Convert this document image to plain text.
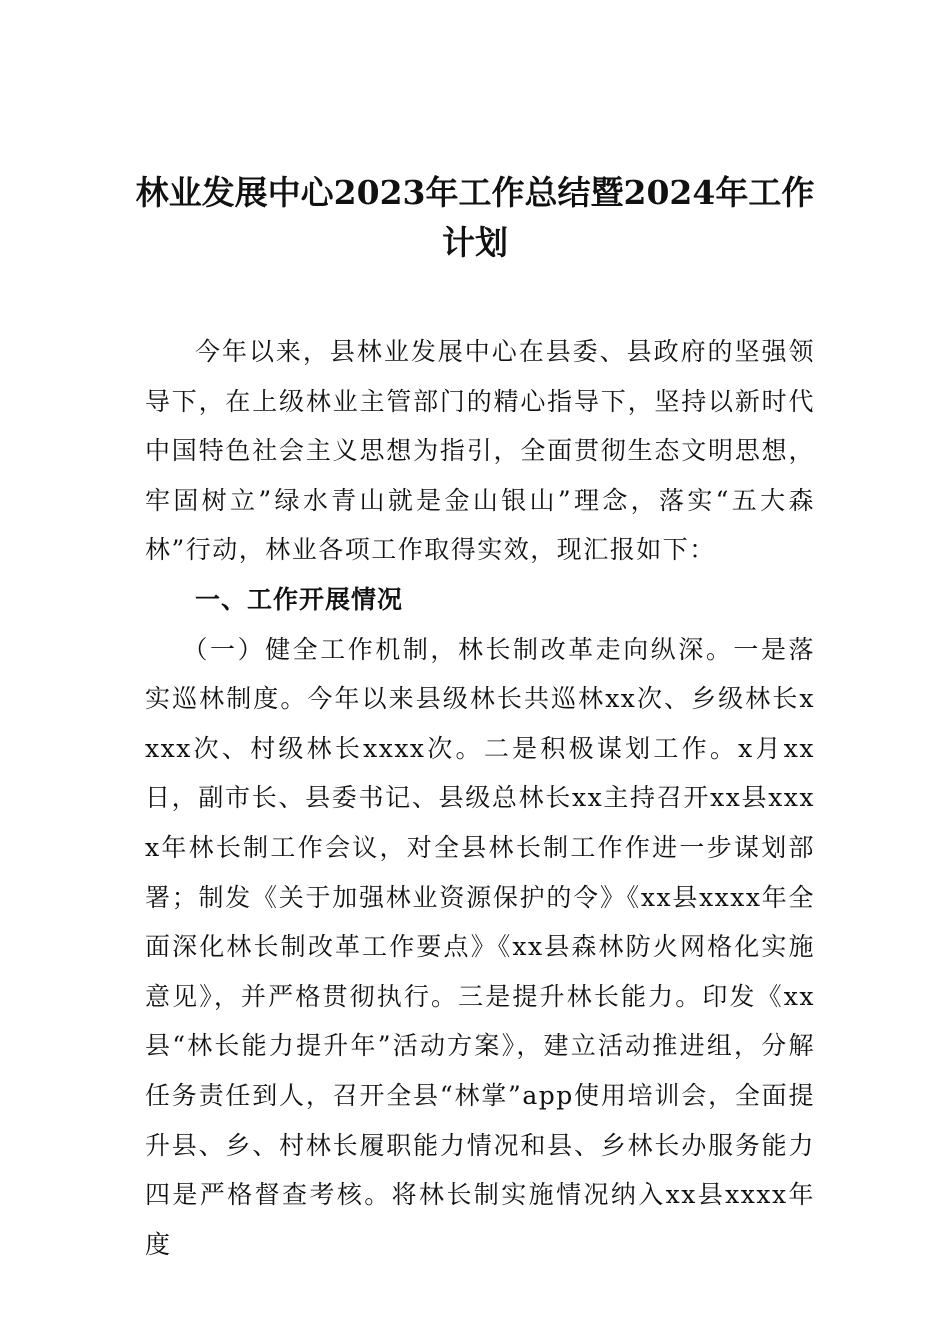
林业发展中心2023年工作总结暨2024年工作计划

今年以来，县林业发展中心在县委、县政府的坚强领导下，在上级林业主管部门的精心指导下，坚持以新时代中国特色社会主义思想为指引，全面贯彻生态文明思想，牢固树立”绿水青山就是金山银山”理念，落实“五大森林”行动，林业各项工作取得实效，现汇报如下：

一、工作开展情况

（一）健全工作机制，林长制改革走向纵深。一是落实巡林制度。今年以来县级林长共巡林xx次、乡级林长xxxx次、村级林长xxxx次。二是积极谋划工作。x月xx日，副市长、县委书记、县级总林长xx主持召开xx县xxxx年林长制工作会议，对全县林长制工作作进一步谋划部署；制发《关于加强林业资源保护的令》《xx县xxxx年全面深化林长制改革工作要点》《xx县森林防火网格化实施意见》，并严格贯彻执行。三是提升林长能力。印发《xx县“林长能力提升年”活动方案》，建立活动推进组，分解任务责任到人，召开全县“林掌”app使用培训会，全面提升县、乡、村林长履职能力情况和县、乡林长办服务能力四是严格督查考核。将林长制实施情况纳入xx县xxxx年度
